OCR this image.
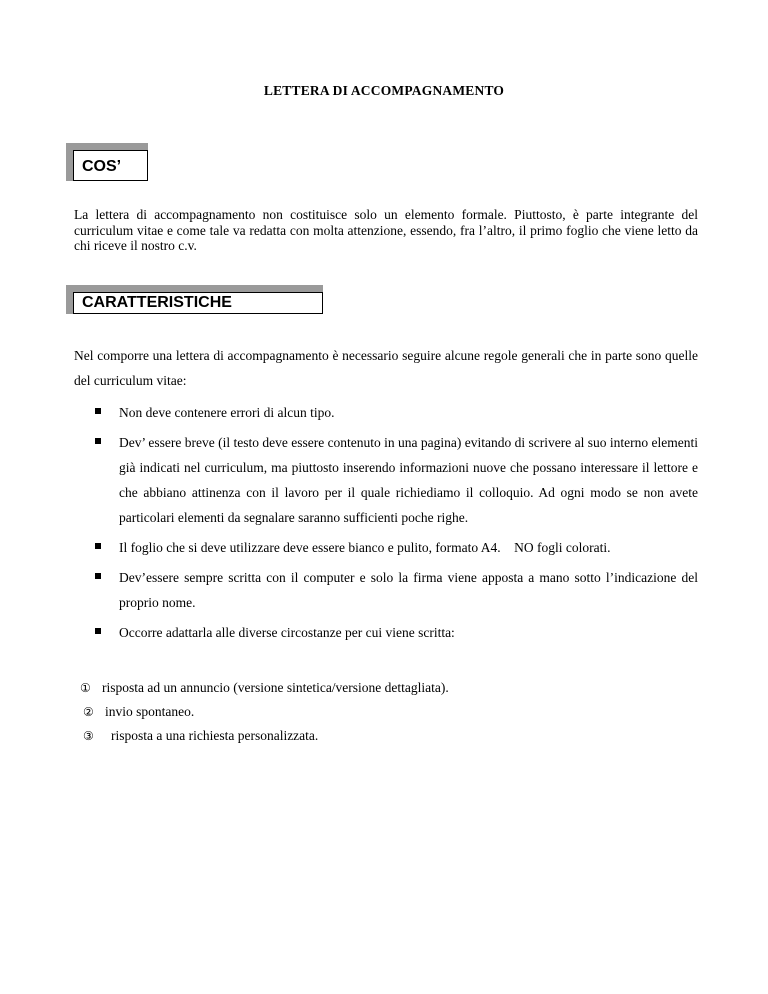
LETTERA DI ACCOMPAGNAMENTO
COS’
La lettera di accompagnamento non costituisce solo un elemento formale. Piuttosto, è parte integrante del curriculum vitae e come tale va redatta con molta attenzione, essendo, fra l’altro, il primo foglio che viene letto da chi riceve il nostro c.v.
CARATTERISTICHE
Nel comporre una lettera di accompagnamento è necessario seguire alcune regole generali che in parte sono quelle del curriculum vitae:
Non deve contenere errori di alcun tipo.
Dev’ essere breve (il testo deve essere contenuto in una pagina) evitando di scrivere al suo interno elementi già indicati nel curriculum, ma piuttosto inserendo informazioni nuove che possano interessare il lettore e che abbiano attinenza con il lavoro per il quale richiediamo il colloquio. Ad ogni modo se non avete particolari elementi da segnalare saranno sufficienti poche righe.
Il foglio che si deve utilizzare deve essere bianco e pulito, formato A4.    NO fogli colorati.
Dev’essere sempre scritta con il computer e solo la firma viene apposta a mano sotto l’indicazione del proprio nome.
Occorre adattarla alle diverse circostanze per cui viene scritta:
① risposta ad un annuncio (versione sintetica/versione dettagliata).
② invio spontaneo.
③ risposta a una richiesta personalizzata.
